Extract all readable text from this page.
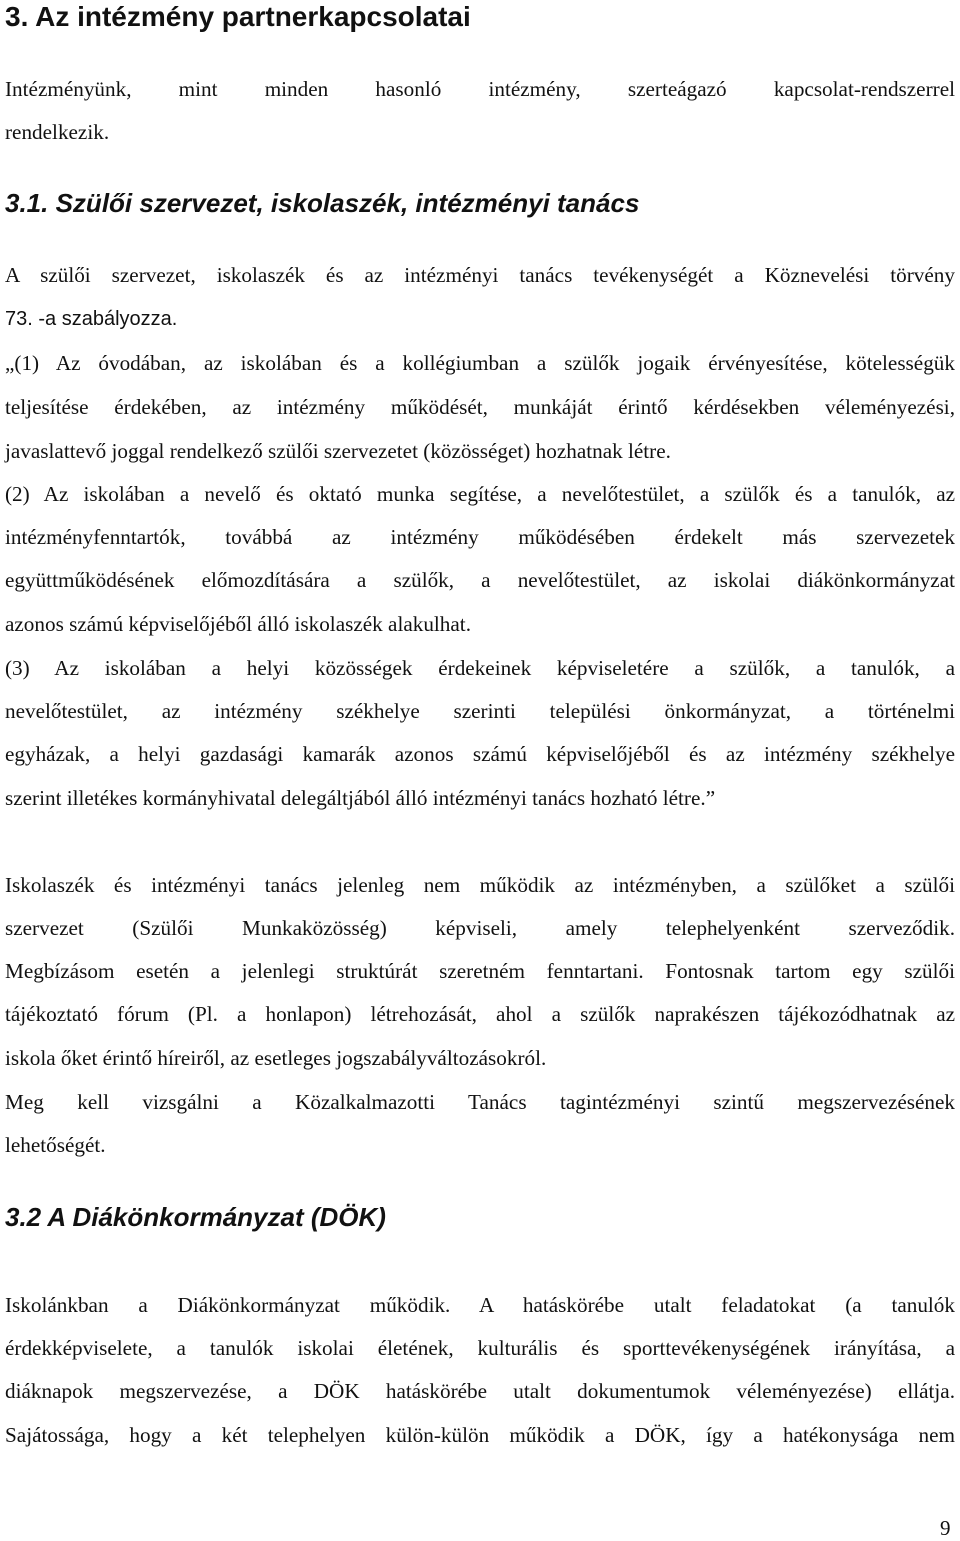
3. Az intézmény partnerkapcsolatai
Intézményünk, mint minden hasonló intézmény, szerteágazó kapcsolat-rendszerrel
rendelkezik.
3.1. Szülői szervezet, iskolaszék, intézményi tanács
A szülői szervezet, iskolaszék és az intézményi tanács tevékenységét a Köznevelési törvény
73. -a szabályozza.
„(1) Az óvodában, az iskolában és a kollégiumban a szülők jogaik érvényesítése, kötelességük
teljesítése érdekében, az intézmény működését, munkáját érintő kérdésekben véleményezési,
javaslattevő joggal rendelkező szülői szervezetet (közösséget) hozhatnak létre.
(2) Az iskolában a nevelő és oktató munka segítése, a nevelőtestület, a szülők és a tanulók, az
intézményfenntartók, továbbá az intézmény működésében érdekelt más szervezetek
együttműködésének előmozdítására a szülők, a nevelőtestület, az iskolai diákönkormányzat
azonos számú képviselőjéből álló iskolaszék alakulhat.
(3) Az iskolában a helyi közösségek érdekeinek képviseletére a szülők, a tanulók, a
nevelőtestület, az intézmény székhelye szerinti települési önkormányzat, a történelmi
egyházak, a helyi gazdasági kamarák azonos számú képviselőjéből és az intézmény székhelye
szerint illetékes kormányhivatal delegáltjából álló intézményi tanács hozható létre.”
Iskolaszék és intézményi tanács jelenleg nem működik az intézményben, a szülőket a szülői
szervezet (Szülői Munkaközösség) képviseli, amely telephelyenként szerveződik.
Megbízásom esetén a jelenlegi struktúrát szeretném fenntartani. Fontosnak tartom egy szülői
tájékoztató fórum (Pl. a honlapon) létrehozását, ahol a szülők naprakészen tájékozódhatnak az
iskola őket érintő híreiről, az esetleges jogszabályváltozásokról.
Meg kell vizsgálni a Közalkalmazotti Tanács tagintézményi szintű megszervezésének
lehetőségét.
3.2 A Diákönkormányzat (DÖK)
Iskolánkban a Diákönkormányzat működik. A hatáskörébe utalt feladatokat (a tanulók
érdekképviselete, a tanulók iskolai életének, kulturális és sporttevékenységének irányítása, a
diáknapok megszervezése, a DÖK hatáskörébe utalt dokumentumok véleményezése) ellátja.
Sajátossága, hogy a két telephelyen külön-külön működik a DÖK, így a hatékonysága nem
9
